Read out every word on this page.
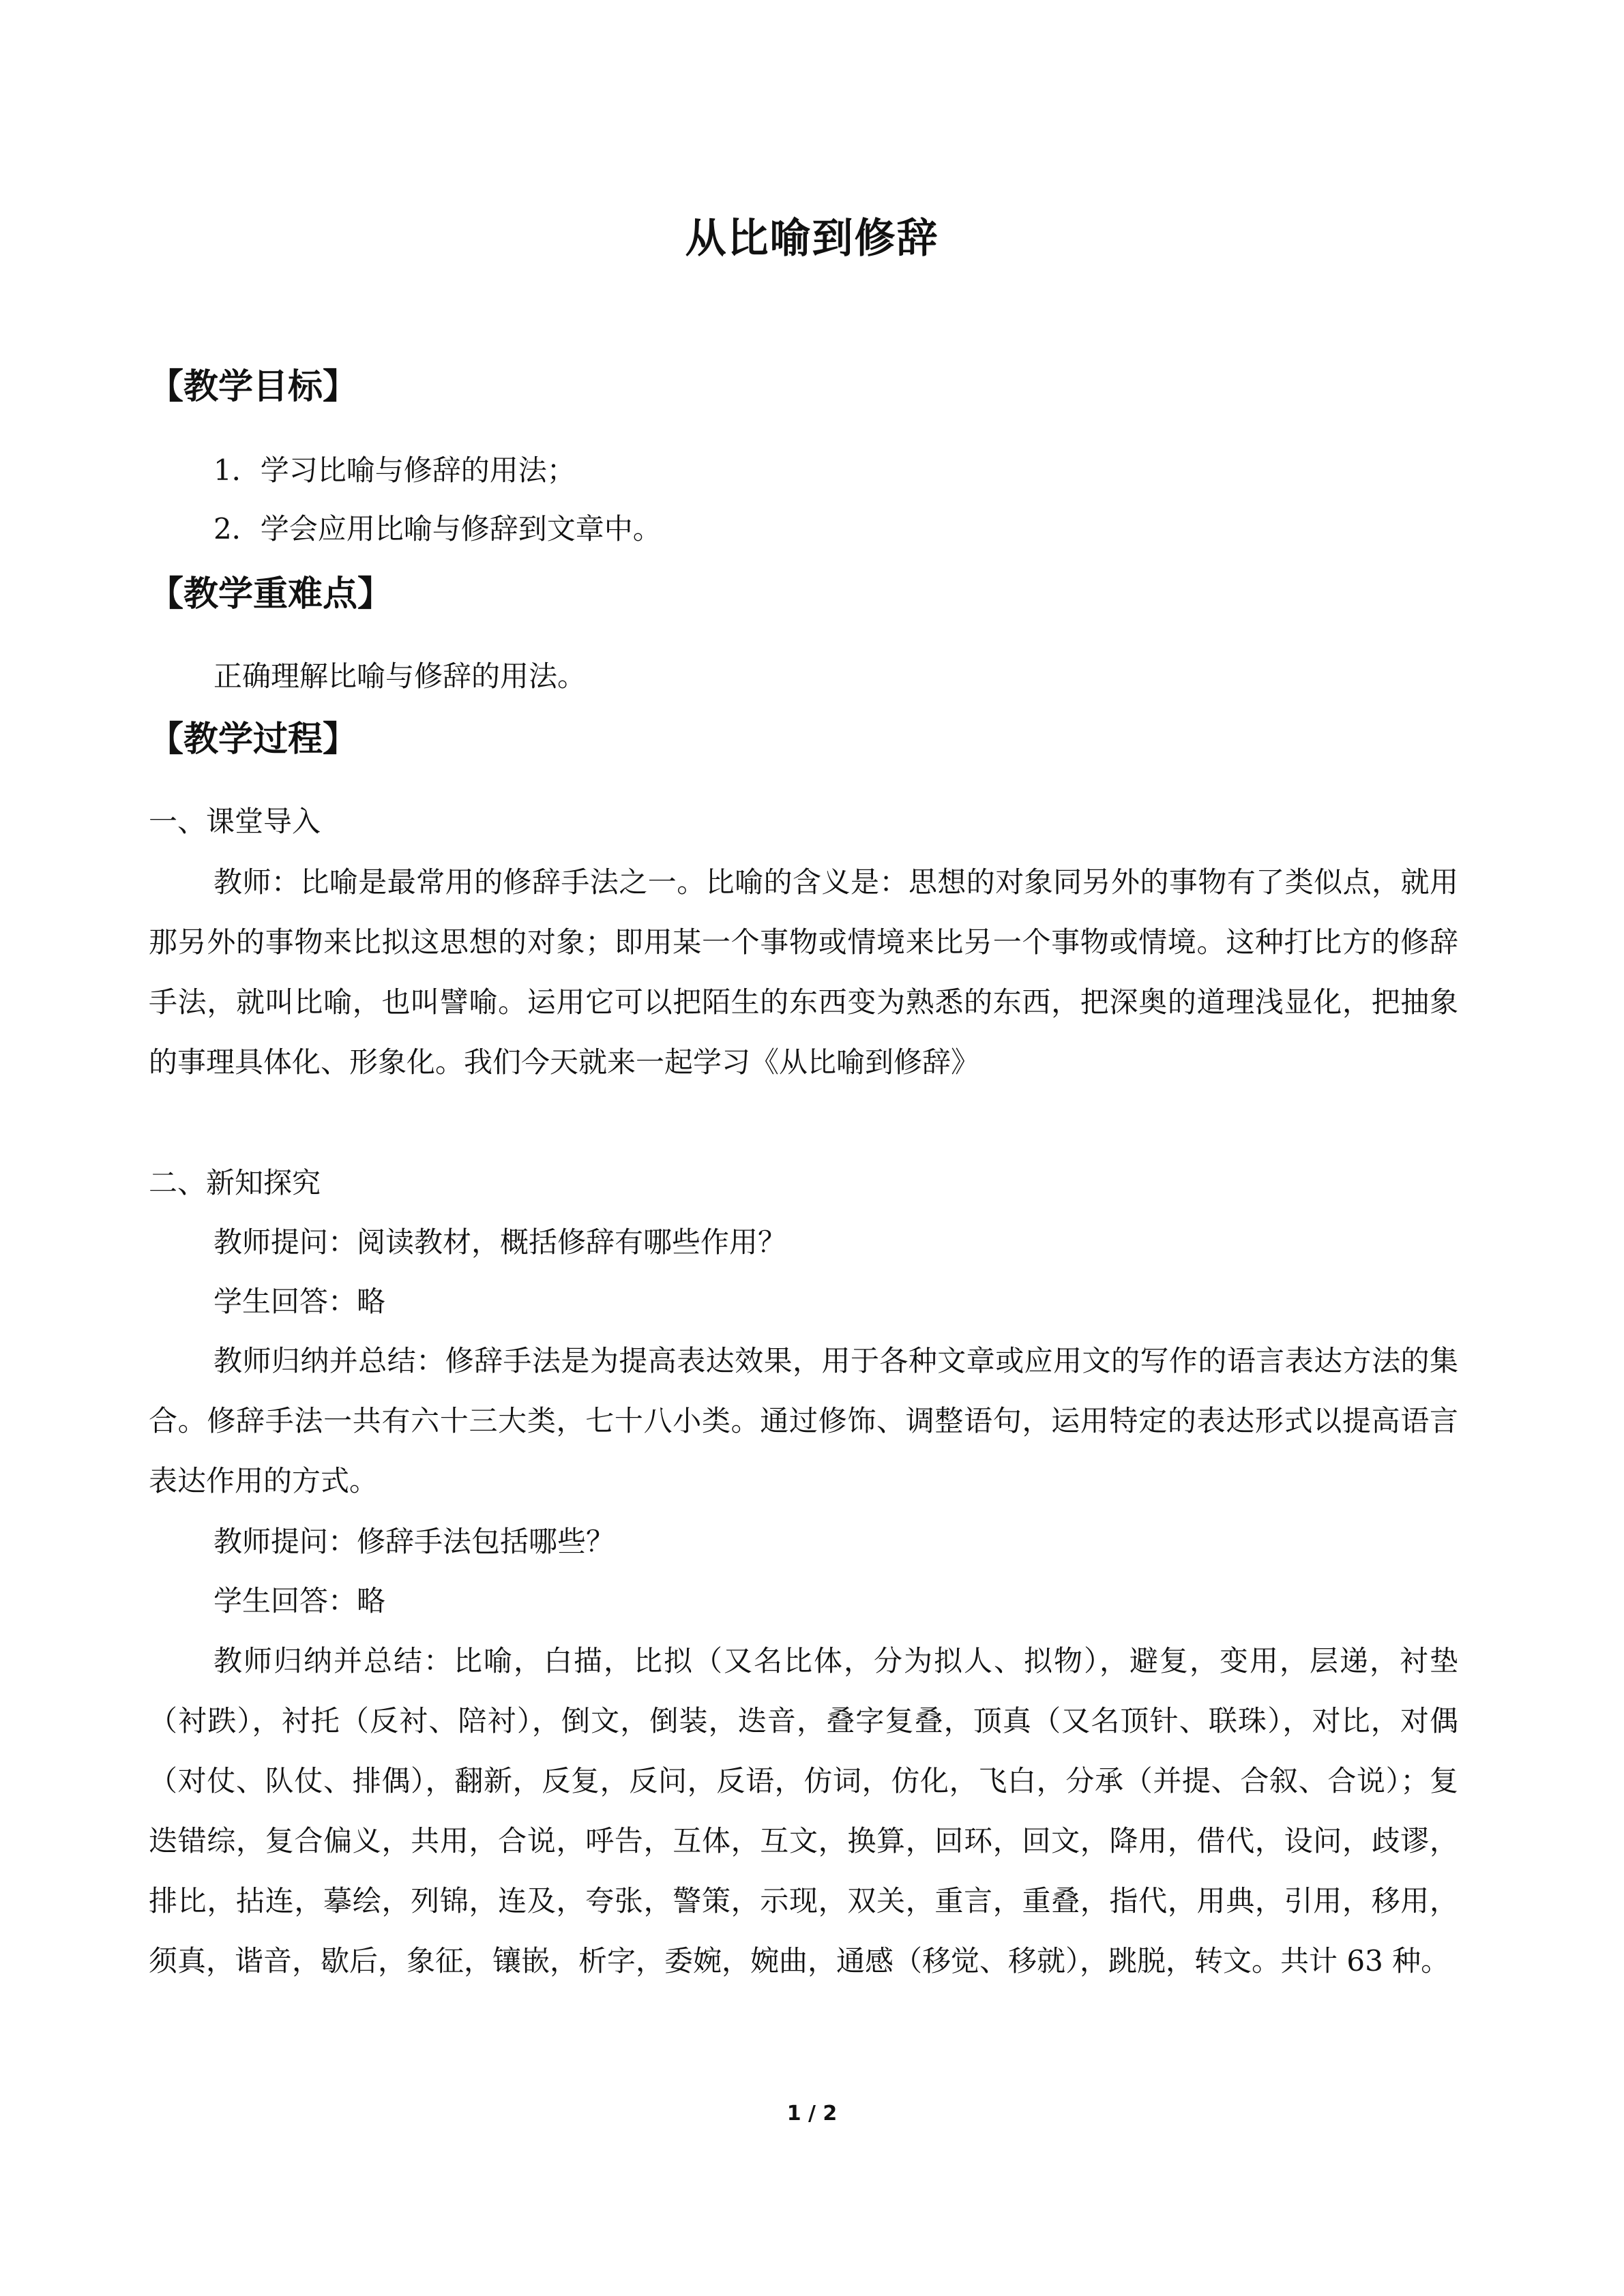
从比喻到修辞
【教学目标】
1．学习比喻与修辞的用法；
2．学会应用比喻与修辞到文章中。
【教学重难点】
正确理解比喻与修辞的用法。
【教学过程】
一、课堂导入
教师：比喻是最常用的修辞手法之一。比喻的含义是：思想的对象同另外的事物有了类似点，就用那另外的事物来比拟这思想的对象；即用某一个事物或情境来比另一个事物或情境。这种打比方的修辞手法，就叫比喻，也叫譬喻。运用它可以把陌生的东西变为熟悉的东西，把深奥的道理浅显化，把抽象的事理具体化、形象化。我们今天就来一起学习《从比喻到修辞》
二、新知探究
教师提问：阅读教材，概括修辞有哪些作用？
学生回答：略
教师归纳并总结：修辞手法是为提高表达效果，用于各种文章或应用文的写作的语言表达方法的集合。修辞手法一共有六十三大类，七十八小类。通过修饰、调整语句，运用特定的表达形式以提高语言表达作用的方式。
教师提问：修辞手法包括哪些？
学生回答：略
教师归纳并总结：比喻，白描，比拟（又名比体，分为拟人、拟物），避复，变用，层递，衬垫（衬跌），衬托（反衬、陪衬），倒文，倒装，迭音，叠字复叠，顶真（又名顶针、联珠），对比，对偶（对仗、队仗、排偶），翻新，反复，反问，反语，仿词，仿化，飞白，分承（并提、合叙、合说）；复迭错综，复合偏义，共用，合说，呼告，互体，互文，换算，回环，回文，降用，借代，设问，歧谬，排比，拈连，摹绘，列锦，连及，夸张，警策，示现，双关，重言，重叠，指代，用典，引用，移用，须真，谐音，歇后，象征，镶嵌，析字，委婉，婉曲，通感（移觉、移就），跳脱，转文。共计 63 种。
1 / 2
